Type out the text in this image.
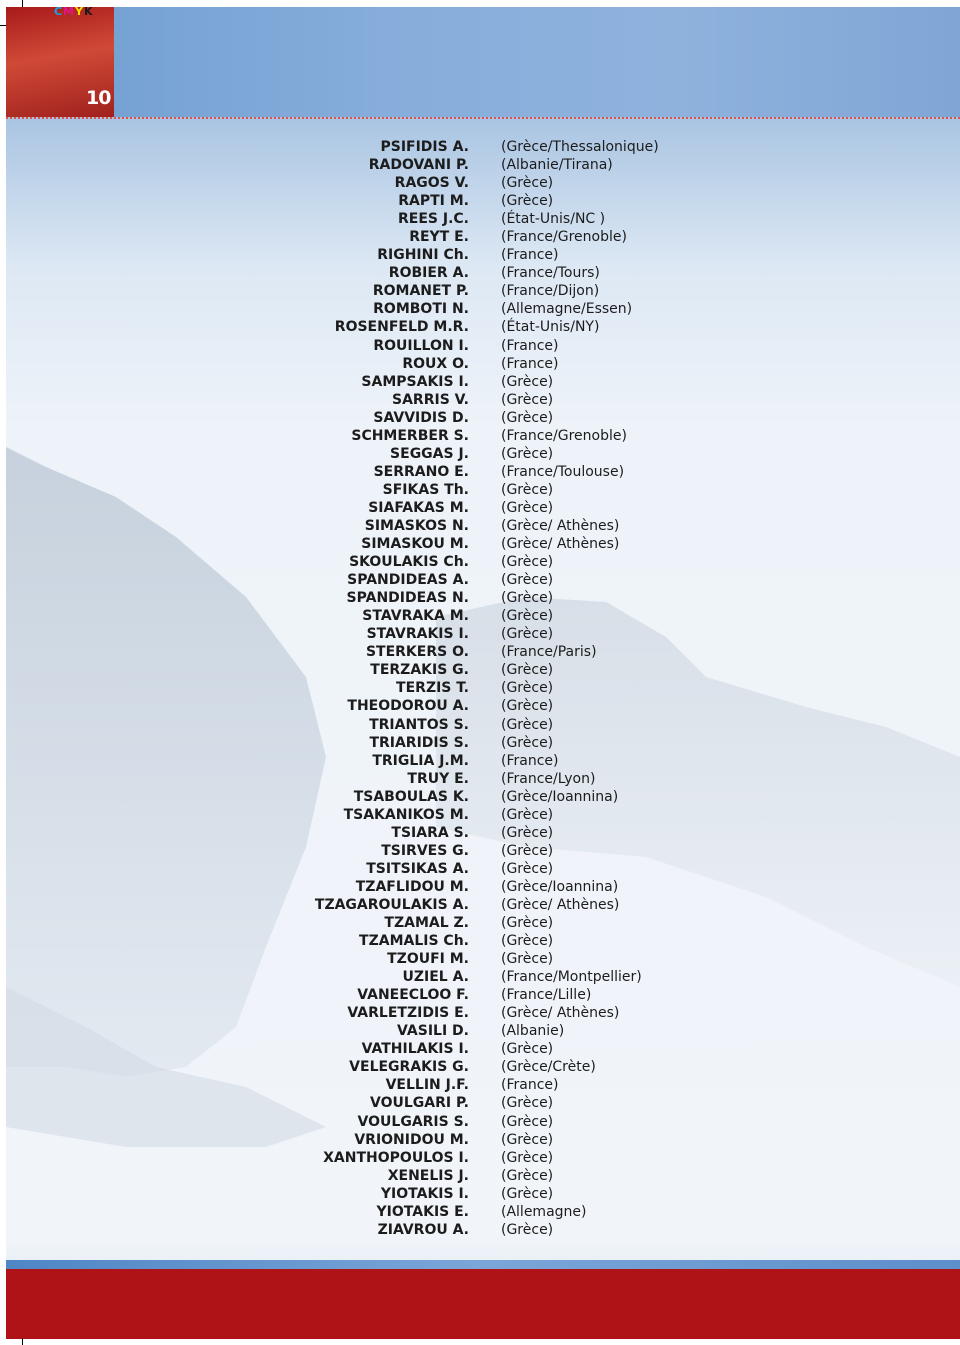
CMYK
10
PSIFIDIS A. (Grèce/Thessalonique)
RADOVANI P. (Albanie/Tirana)
RAGOS V. (Grèce)
RAPTI M. (Grèce)
REES J.C. (État-Unis/NC )
REYT E. (France/Grenoble)
RIGHINI Ch. (France)
ROBIER A. (France/Tours)
ROMANET P. (France/Dijon)
ROMBOTI N. (Allemagne/Essen)
ROSENFELD M.R. (État-Unis/NY)
ROUILLON I. (France)
ROUX O. (France)
SAMPSAKIS I. (Grèce)
SARRIS V. (Grèce)
SAVVIDIS D. (Grèce)
SCHMERBER S. (France/Grenoble)
SEGGAS J. (Grèce)
SERRANO E. (France/Toulouse)
SFIKAS Th. (Grèce)
SIAFAKAS M. (Grèce)
SIMASKOS N. (Grèce/ Athènes)
SIMASKOU M. (Grèce/ Athènes)
SKOULAKIS Ch. (Grèce)
SPANDIDEAS A. (Grèce)
SPANDIDEAS N. (Grèce)
STAVRAKA M. (Grèce)
STAVRAKIS I. (Grèce)
STERKERS O. (France/Paris)
TERZAKIS G. (Grèce)
TERZIS T. (Grèce)
THEODOROU A. (Grèce)
TRIANTOS S. (Grèce)
TRIARIDIS S. (Grèce)
TRIGLIA J.M. (France)
TRUY E. (France/Lyon)
TSABOULAS K. (Grèce/Ioannina)
TSAKANIKOS M. (Grèce)
TSIARA S. (Grèce)
TSIRVES G. (Grèce)
TSITSIKAS A. (Grèce)
TZAFLIDOU M. (Grèce/Ioannina)
TZAGAROULAKIS A. (Grèce/ Athènes)
TZAMAL Z. (Grèce)
TZAMALIS Ch. (Grèce)
TZOUFI M. (Grèce)
UZIEL A. (France/Montpellier)
VANEECLOO F. (France/Lille)
VARLETZIDIS E. (Grèce/ Athènes)
VASILI D. (Albanie)
VATHILAKIS I. (Grèce)
VELEGRAKIS G. (Grèce/Crète)
VELLIN J.F. (France)
VOULGARI P. (Grèce)
VOULGARIS S. (Grèce)
VRIONIDOU M. (Grèce)
XANTHOPOULOS I. (Grèce)
XENELIS J. (Grèce)
YIOTAKIS I. (Grèce)
YIOTAKIS E. (Allemagne)
ZIAVROU A. (Grèce)
